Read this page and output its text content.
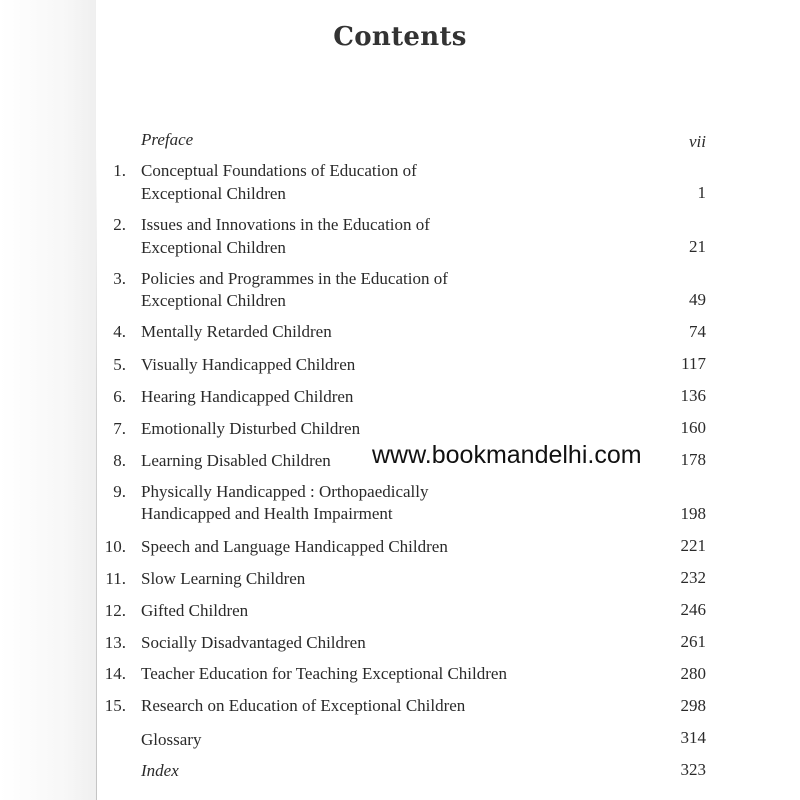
Contents
Preface	vii
1. Conceptual Foundations of Education of
Exceptional Children	1
2. Issues and Innovations in the Education of
Exceptional Children	21
3. Policies and Programmes in the Education of
Exceptional Children	49
4. Mentally Retarded Children	74
5. Visually Handicapped Children	117
6. Hearing Handicapped Children	136
7. Emotionally Disturbed Children	160
8. Learning Disabled Children	178
9. Physically Handicapped : Orthopaedically
Handicapped and Health Impairment	198
10. Speech and Language Handicapped Children	221
11. Slow Learning Children	232
12. Gifted Children	246
13. Socially Disadvantaged Children	261
14. Teacher Education for Teaching Exceptional Children	280
15. Research on Education of Exceptional Children	298
Glossary	314
Index	323
www.bookmandelhi.com
